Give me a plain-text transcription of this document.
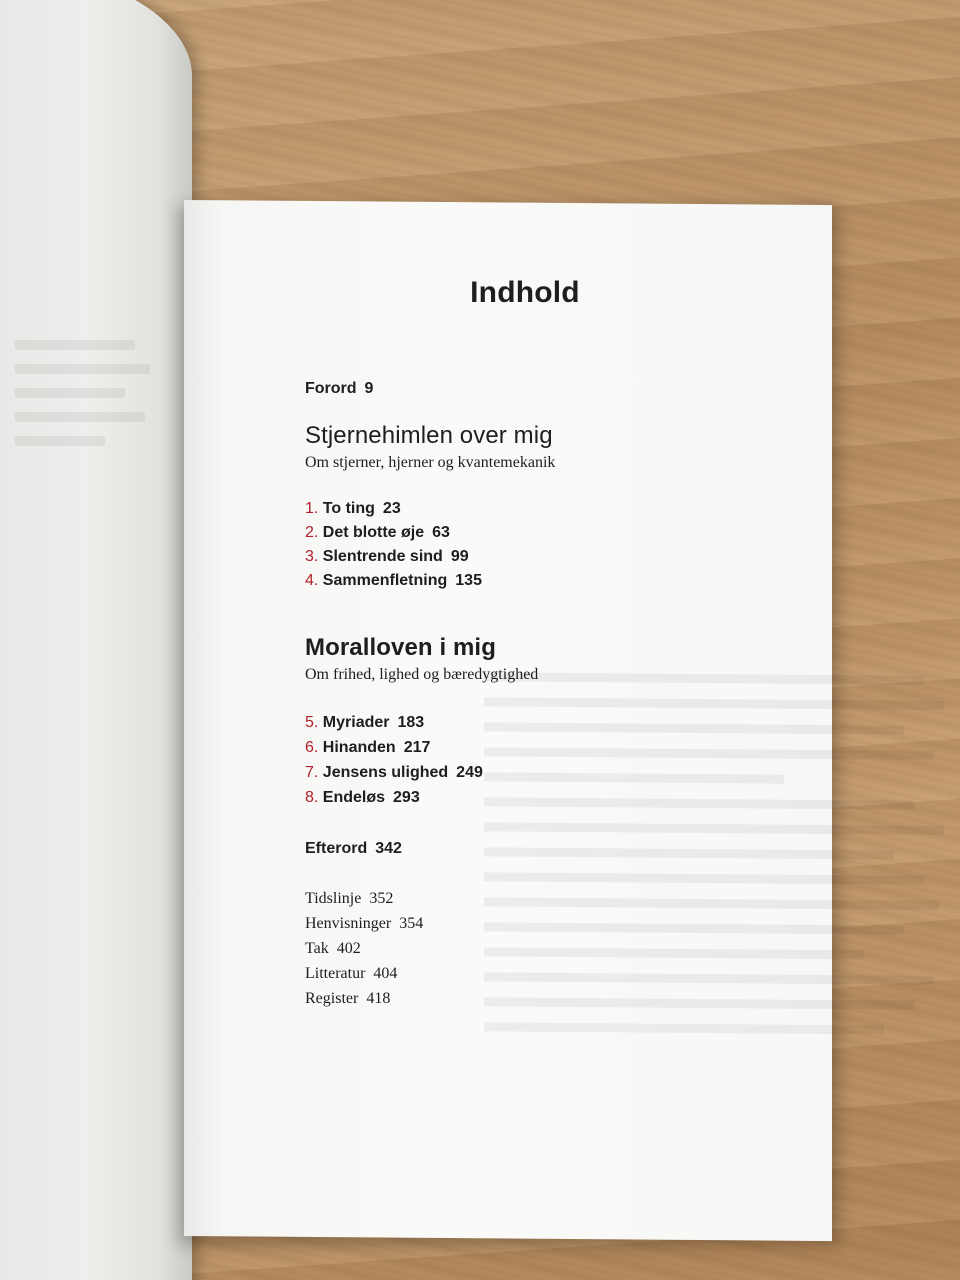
Indhold
Forord 9
Stjernehimlen over mig
Om stjerner, hjerner og kvantemekanik
1. To ting 23
2. Det blotte øje 63
3. Slentrende sind 99
4. Sammenfletning 135
Moralloven i mig
Om frihed, lighed og bæredygtighed
5. Myriader 183
6. Hinanden 217
7. Jensens ulighed 249
8. Endeløs 293
Efterord 342
Tidslinje 352
Henvisninger 354
Tak 402
Litteratur 404
Register 418
